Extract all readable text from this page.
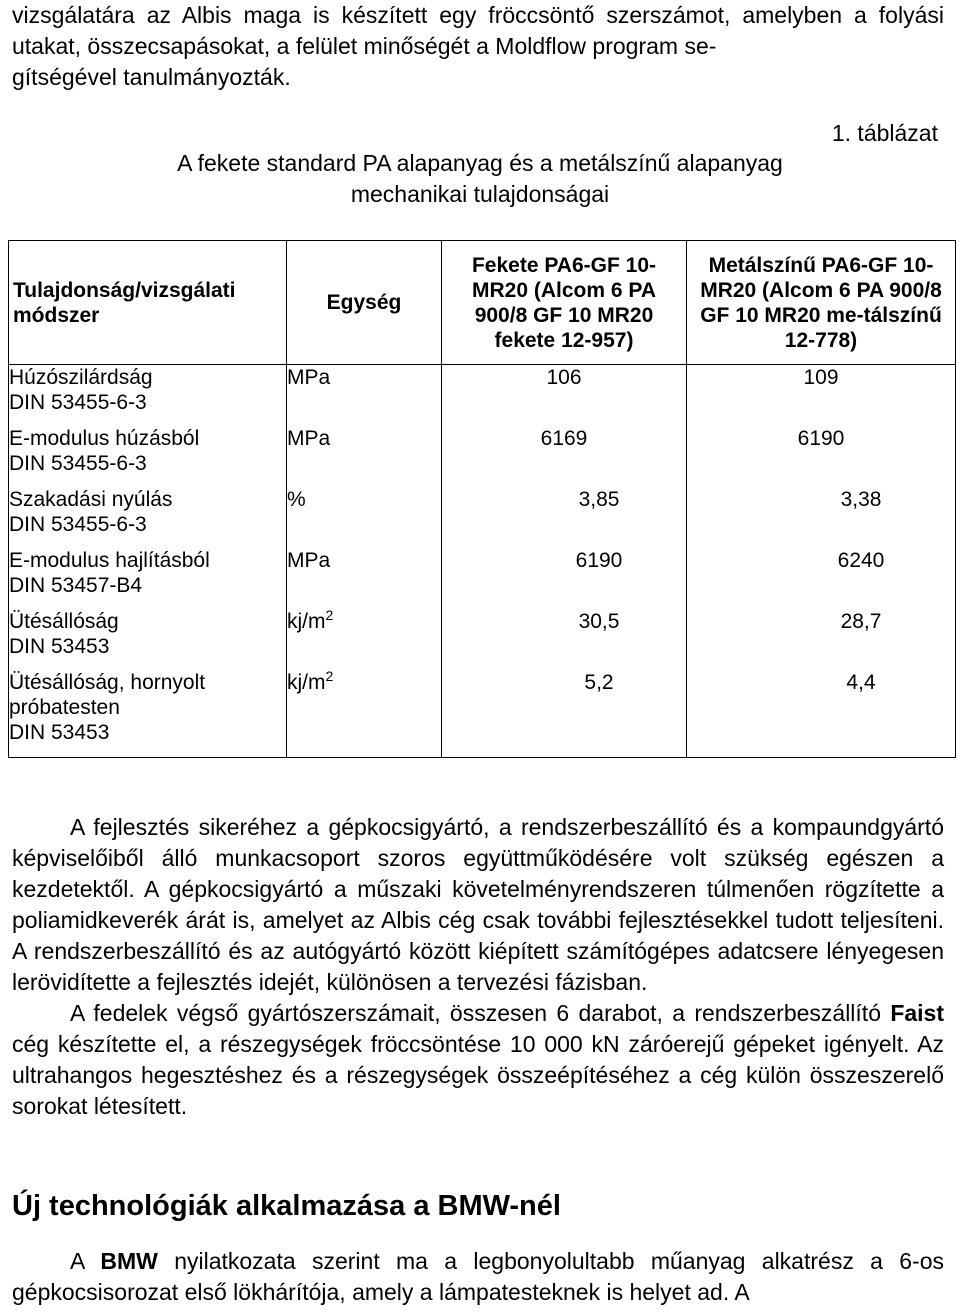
vizsgálatára az Albis maga is készített egy fröccsöntő szerszámot, amelyben a folyási utakat, összecsapásokat, a felület minőségét a Moldflow program se-
gítségével tanulmányozták.
1. táblázat
A fekete standard PA alapanyag és a metálszínű alapanyag
mechanikai tulajdonságai
Tulajdonság/vizsgálati módszer	Egység	Fekete PA6-GF 10-MR20 (Alcom 6 PA 900/8 GF 10 MR20 fekete 12-957)	Metálszínű PA6-GF 10-MR20 (Alcom 6 PA 900/8 GF 10 MR20 me-tálszínű 12-778)

Húzószilárdság
DIN 53455-6-3	MPa	106	109

E-modulus húzásból
DIN 53455-6-3	MPa	6169	6190

Szakadási nyúlás
DIN 53455-6-3	%	3,85	3,38

E-modulus hajlításból
DIN 53457-B4	MPa	6190	6240

Ütésállóság
DIN 53453	$kj/m^2$	30,5	28,7

Ütésállóság, hornyolt próbatesten
DIN 53453	$kj/m^2$	5,2	4,4
A fejlesztés sikeréhez a gépkocsigyártó, a rendszerbeszállító és a kompaundgyártó képviselőiből álló munkacsoport szoros együttműködésére volt szükség egészen a kezdetektől. A gépkocsigyártó a műszaki követelményrendszeren túlmenően rögzítette a poliamidkeverék árát is, amelyet az Albis cég csak további fejlesztésekkel tudott teljesíteni. A rendszerbeszállító és az autógyártó között kiépített számítógépes adatcsere lényegesen lerövidítette a fejlesztés idejét, különösen a tervezési fázisban.
A fedelek végső gyártószerszámait, összesen 6 darabot, a rendszerbeszállító Faist cég készítette el, a részegységek fröccsöntése 10 000 kN záróerejű gépeket igényelt. Az ultrahangos hegesztéshez és a részegységek összeépítéséhez a cég külön összeszerelő sorokat létesített.
Új technológiák alkalmazása a BMW-nél
A BMW nyilatkozata szerint ma a legbonyolultabb műanyag alkatrész a 6-os gépkocsisorozat első lökhárítója, amely a lámpatesteknek is helyet ad. A
